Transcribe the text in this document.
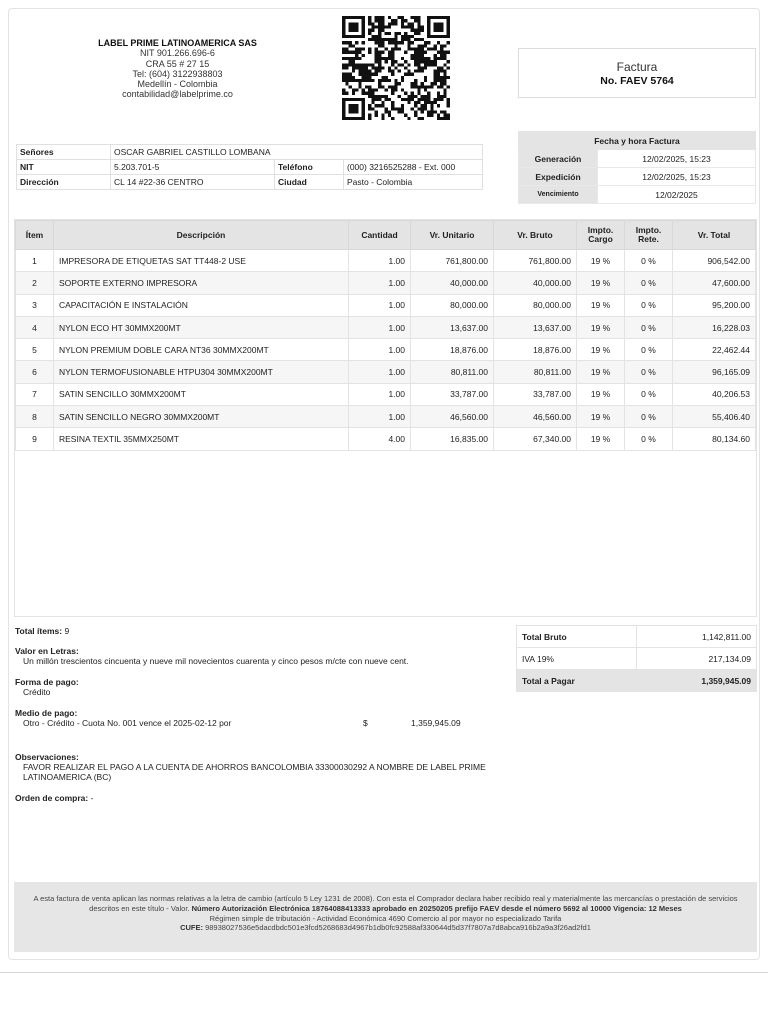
LABEL PRIME LATINOAMERICA SAS
NIT 901.266.696-6
CRA 55 # 27 15
Tel: (604) 3122938803
Medellín - Colombia
contabilidad@labelprime.co
Factura
No. FAEV 5764
Señores	OSCAR GABRIEL CASTILLO LOMBANA		
NIT	5.203.701-5	Teléfono	(000) 3216525288 - Ext. 000
Dirección	CL 14 #22-36 CENTRO	Ciudad	Pasto - Colombia
Fecha y hora Factura	
Generación	12/02/2025, 15:23
Expedición	12/02/2025, 15:23
Vencimiento	12/02/2025
Ítem	Descripción	Cantidad	Vr. Unitario	Vr. Bruto	Impto. Cargo	Impto. Rete.	Vr. Total
1	IMPRESORA DE ETIQUETAS SAT TT448-2 USE	1.00	761,800.00	761,800.00	19 %	0 %	906,542.00
2	SOPORTE EXTERNO IMPRESORA	1.00	40,000.00	40,000.00	19 %	0 %	47,600.00
3	CAPACITACIÓN E INSTALACIÓN	1.00	80,000.00	80,000.00	19 %	0 %	95,200.00
4	NYLON ECO HT 30MMX200MT	1.00	13,637.00	13,637.00	19 %	0 %	16,228.03
5	NYLON PREMIUM DOBLE CARA NT36 30MMX200MT	1.00	18,876.00	18,876.00	19 %	0 %	22,462.44
6	NYLON TERMOFUSIONABLE HTPU304 30MMX200MT	1.00	80,811.00	80,811.00	19 %	0 %	96,165.09
7	SATIN SENCILLO 30MMX200MT	1.00	33,787.00	33,787.00	19 %	0 %	40,206.53
8	SATIN SENCILLO NEGRO 30MMX200MT	1.00	46,560.00	46,560.00	19 %	0 %	55,406.40
9	RESINA TEXTIL 35MMX250MT	4.00	16,835.00	67,340.00	19 %	0 %	80,134.60
Total ítems: 9
Valor en Letras:
Un millón trescientos cincuenta y nueve mil novecientos cuarenta y cinco pesos m/cte con nueve cent.
Forma de pago:
Crédito
Medio de pago:
Otro - Crédito - Cuota No. 001 vence el 2025-02-12 por	$	1,359,945.09
Observaciones:
FAVOR REALIZAR EL PAGO A LA CUENTA DE AHORROS BANCOLOMBIA 33300030292 A NOMBRE DE LABEL PRIME LATINOAMERICA (BC)
Orden de compra: -
Total Bruto	1,142,811.00
IVA 19%	217,134.09
Total a Pagar	1,359,945.09
A esta factura de venta aplican las normas relativas a la letra de cambio (artículo 5 Ley 1231 de 2008). Con esta el Comprador declara haber recibido real y materialmente las mercancías o prestación de servicios descritos en este título - Valor. Número Autorización Electrónica 18764088413333 aprobado en 20250205 prefijo FAEV desde el número 5692 al 10000 Vigencia: 12 Meses
Régimen simple de tributación - Actividad Económica 4690 Comercio al por mayor no especializado Tarifa
CUFE: 98938027536e5dacdbdc501e3fcd5268683d4967b1db0fc92588af330644d5d37f7807a7d8abca916b2a9a3f26ad2fd1
